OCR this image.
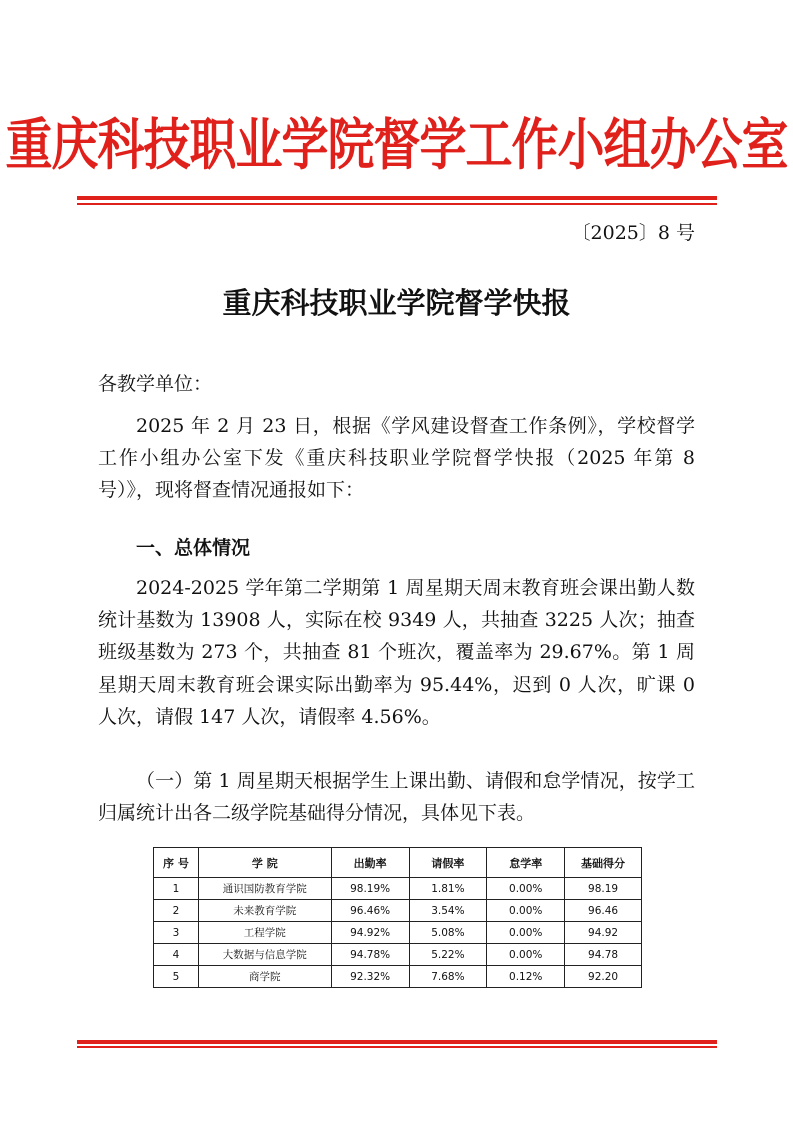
重庆科技职业学院督学工作小组办公室
〔2025〕8 号
重庆科技职业学院督学快报
各教学单位：
2025 年 2 月 23 日，根据《学风建设督查工作条例》，学校督学工作小组办公室下发《重庆科技职业学院督学快报（2025 年第 8 号）》，现将督查情况通报如下：
一、总体情况
2024-2025 学年第二学期第 1 周星期天周末教育班会课出勤人数统计基数为 13908 人，实际在校 9349 人，共抽查 3225 人次；抽查班级基数为 273 个，共抽查 81 个班次，覆盖率为 29.67%。第 1 周星期天周末教育班会课实际出勤率为 95.44%，迟到 0 人次，旷课 0 人次，请假 147 人次，请假率 4.56%。
（一）第 1 周星期天根据学生上课出勤、请假和怠学情况，按学工归属统计出各二级学院基础得分情况，具体见下表。
序 号	学 院	出勤率	请假率	怠学率	基础得分
1	通识国防教育学院	98.19%	1.81%	0.00%	98.19
2	未来教育学院	96.46%	3.54%	0.00%	96.46
3	工程学院	94.92%	5.08%	0.00%	94.92
4	大数据与信息学院	94.78%	5.22%	0.00%	94.78
5	商学院	92.32%	7.68%	0.12%	92.20
